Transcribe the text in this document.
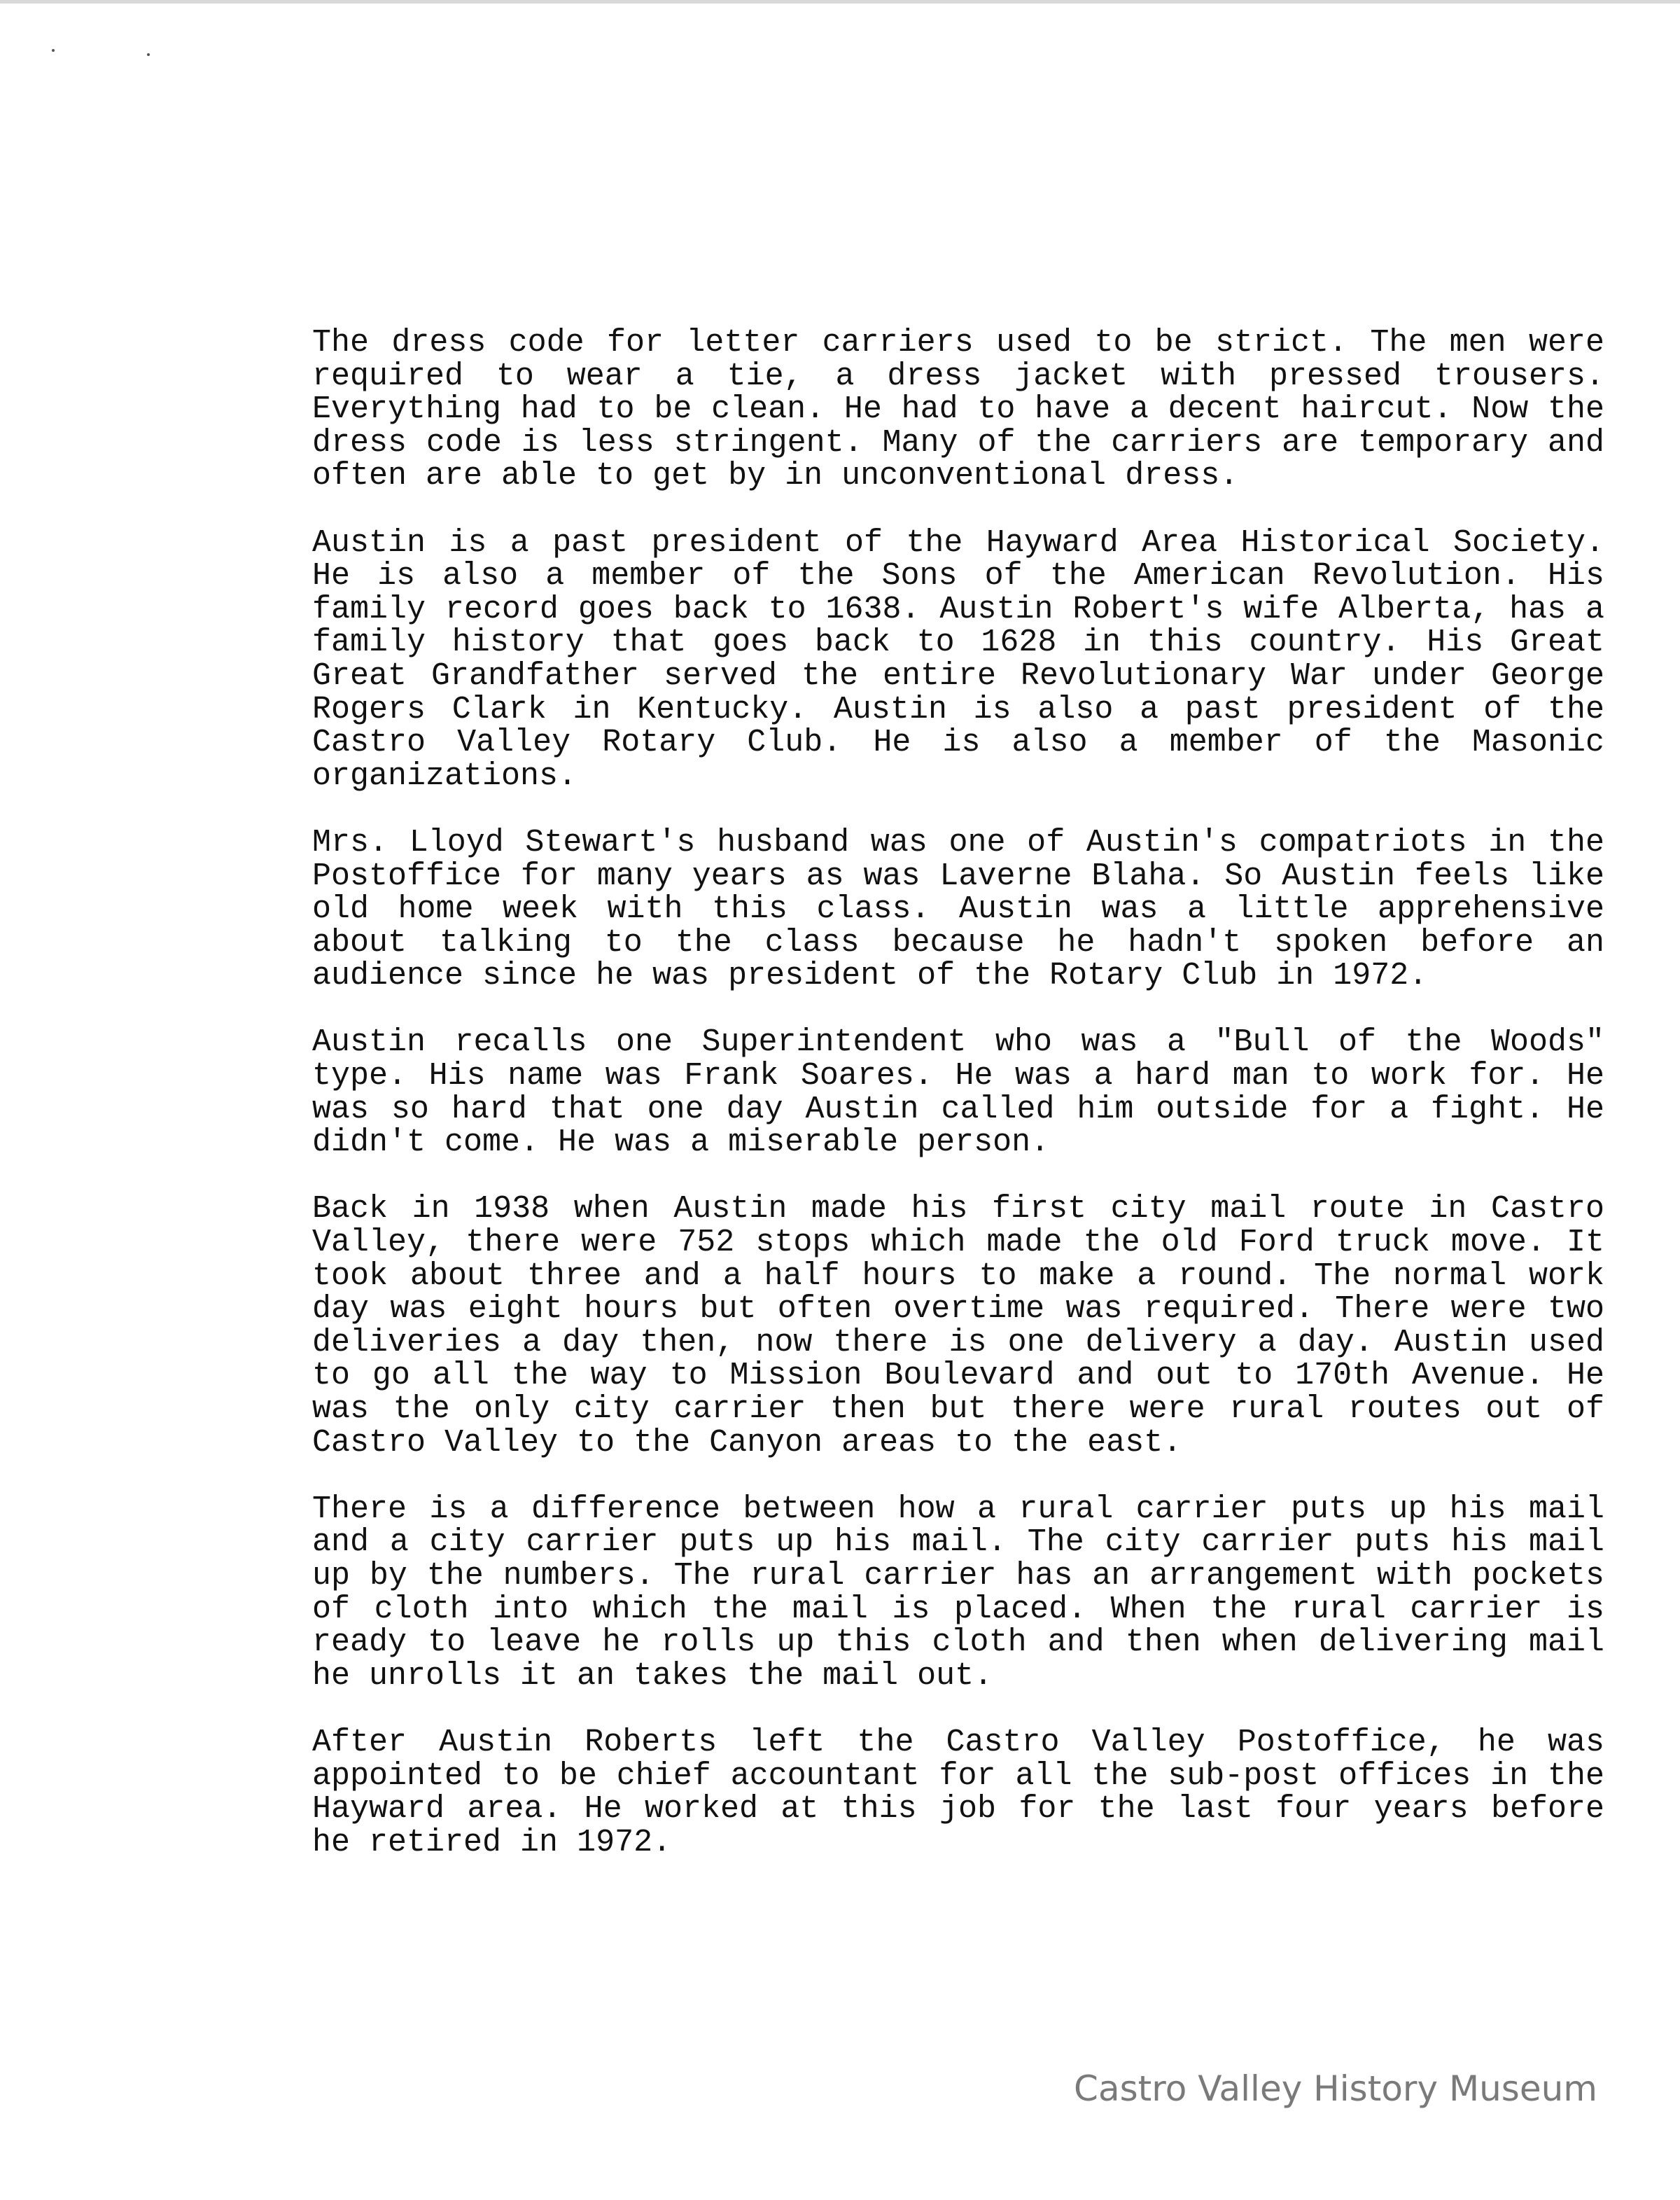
The dress code for letter carriers used to be strict. The men were required to wear a tie, a dress jacket with pressed trousers. Everything had to be clean. He had to have a decent haircut. Now the dress code is less stringent. Many of the carriers are temporary and often are able to get by in unconventional dress.

Austin is a past president of the Hayward Area Historical Society. He is also a member of the Sons of the American Revolution. His family record goes back to 1638. Austin Robert's wife Alberta, has a family history that goes back to 1628 in this country. His Great Great Grandfather served the entire Revolutionary War under George Rogers Clark in Kentucky. Austin is also a past president of the Castro Valley Rotary Club. He is also a member of the Masonic organizations.

Mrs. Lloyd Stewart's husband was one of Austin's compatriots in the Postoffice for many years as was Laverne Blaha. So Austin feels like old home week with this class. Austin was a little apprehensive about talking to the class because he hadn't spoken before an audience since he was president of the Rotary Club in 1972.

Austin recalls one Superintendent who was a "Bull of the Woods" type. His name was Frank Soares. He was a hard man to work for. He was so hard that one day Austin called him outside for a fight. He didn't come. He was a miserable person.

Back in 1938 when Austin made his first city mail route in Castro Valley, there were 752 stops which made the old Ford truck move. It took about three and a half hours to make a round. The normal work day was eight hours but often overtime was required. There were two deliveries a day then, now there is one delivery a day. Austin used to go all the way to Mission Boulevard and out to 170th Avenue. He was the only city carrier then but there were rural routes out of Castro Valley to the Canyon areas to the east.

There is a difference between how a rural carrier puts up his mail and a city carrier puts up his mail. The city carrier puts his mail up by the numbers. The rural carrier has an arrangement with pockets of cloth into which the mail is placed. When the rural carrier is ready to leave he rolls up this cloth and then when delivering mail he unrolls it an takes the mail out.

After Austin Roberts left the Castro Valley Postoffice, he was appointed to be chief accountant for all the sub-post offices in the Hayward area. He worked at this job for the last four years before he retired in 1972.

Castro Valley History Museum
